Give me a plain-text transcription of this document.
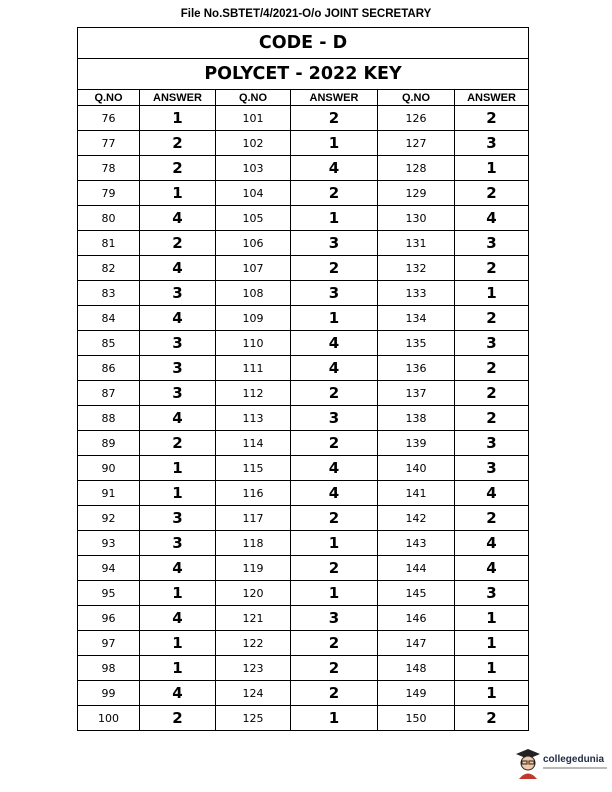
File No.SBTET/4/2021-O/o JOINT SECRETARY
CODE - D					
POLYCET - 2022 KEY					
Q.NO	ANSWER	Q.NO	ANSWER	Q.NO	ANSWER
76	1	101	2	126	2
77	2	102	1	127	3
78	2	103	4	128	1
79	1	104	2	129	2
80	4	105	1	130	4
81	2	106	3	131	3
82	4	107	2	132	2
83	3	108	3	133	1
84	4	109	1	134	2
85	3	110	4	135	3
86	3	111	4	136	2
87	3	112	2	137	2
88	4	113	3	138	2
89	2	114	2	139	3
90	1	115	4	140	3
91	1	116	4	141	4
92	3	117	2	142	2
93	3	118	1	143	4
94	4	119	2	144	4
95	1	120	1	145	3
96	4	121	3	146	1
97	1	122	2	147	1
98	1	123	2	148	1
99	4	124	2	149	1
100	2	125	1	150	2
collegedunia
